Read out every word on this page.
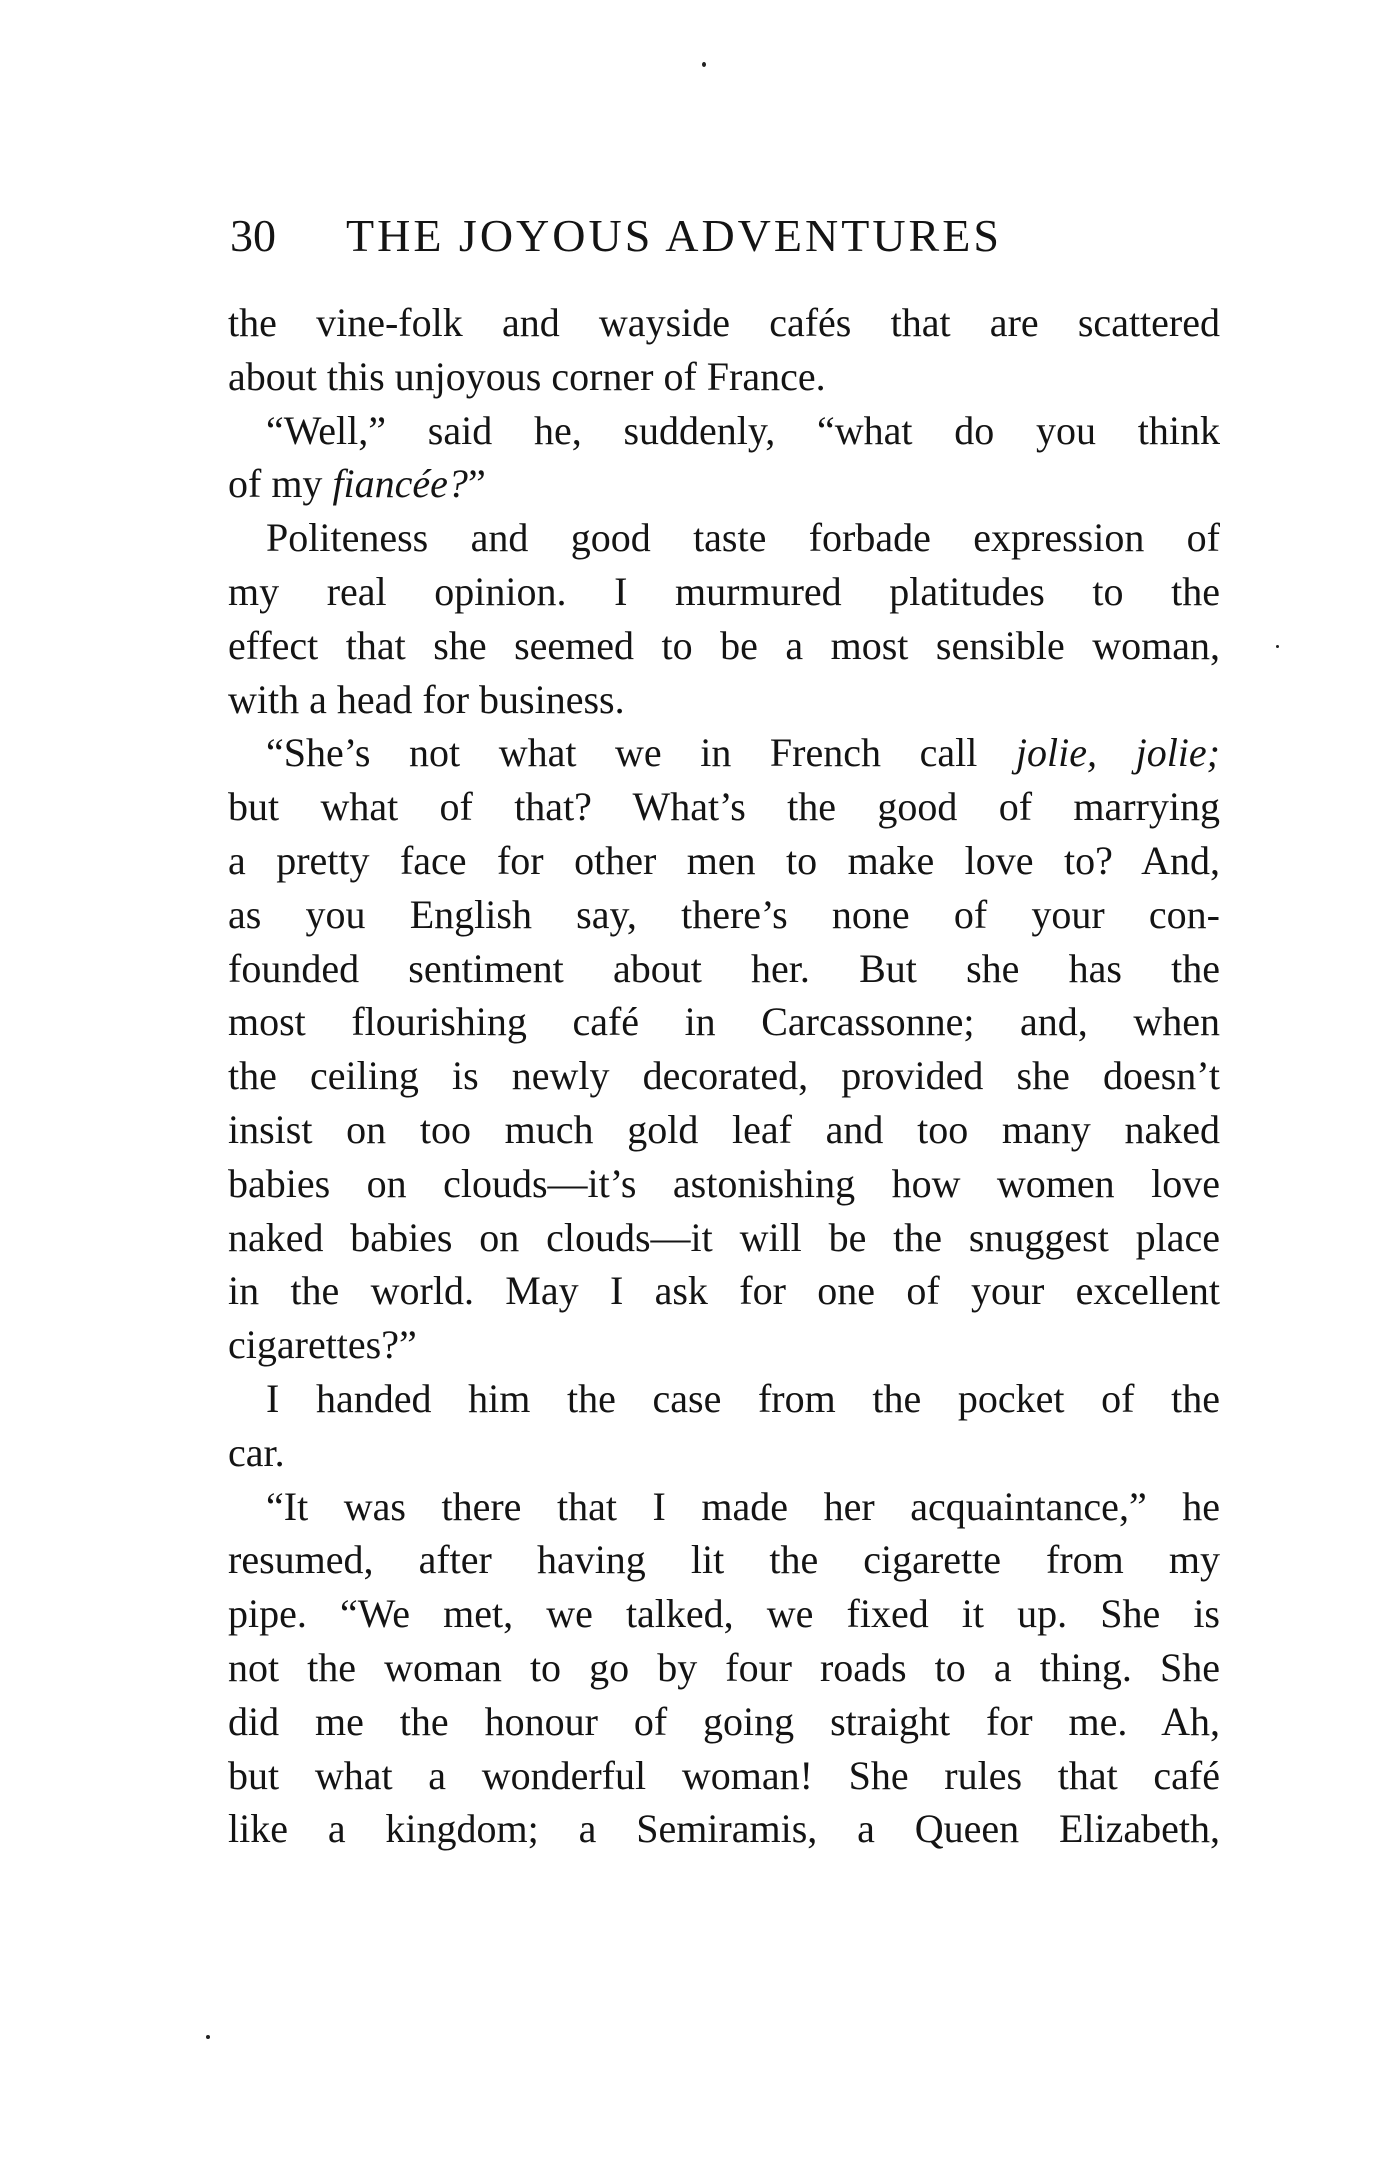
30 THE JOYOUS ADVENTURES
the vine-folk and wayside cafés that are scattered
about this unjoyous corner of France.
“Well,” said he, suddenly, “what do you think
of my fiancée?”
Politeness and good taste forbade expression of
my real opinion. I murmured platitudes to the
effect that she seemed to be a most sensible woman,
with a head for business.
“She’s not what we in French call jolie, jolie;
but what of that? What’s the good of marrying
a pretty face for other men to make love to? And,
as you English say, there’s none of your con-
founded sentiment about her. But she has the
most flourishing café in Carcassonne; and, when
the ceiling is newly decorated, provided she doesn’t
insist on too much gold leaf and too many naked
babies on clouds—it’s astonishing how women love
naked babies on clouds—it will be the snuggest place
in the world. May I ask for one of your excellent
cigarettes?”
I handed him the case from the pocket of the
car.
“It was there that I made her acquaintance,” he
resumed, after having lit the cigarette from my
pipe. “We met, we talked, we fixed it up. She is
not the woman to go by four roads to a thing. She
did me the honour of going straight for me. Ah,
but what a wonderful woman! She rules that café
like a kingdom; a Semiramis, a Queen Elizabeth,
